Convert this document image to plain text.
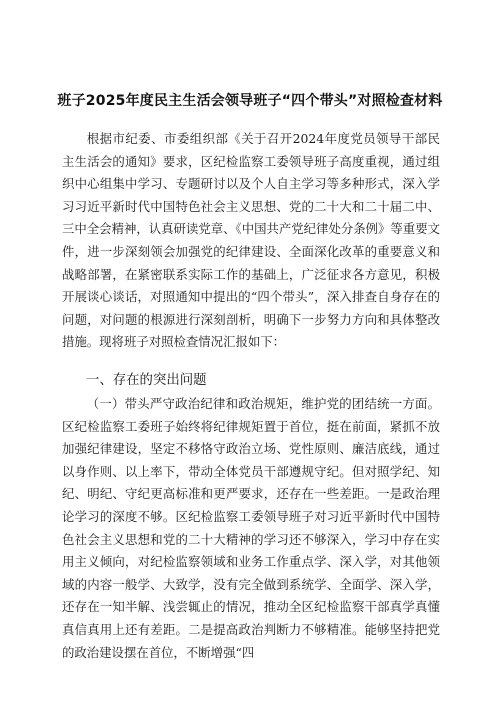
班子2025年度民主生活会领导班子“四个带头”对照检查材料

根据市纪委、市委组织部《关于召开2024年度党员领导干部民主生活会的通知》要求，区纪检监察工委领导班子高度重视，通过组织中心组集中学习、专题研讨以及个人自主学习等多种形式，深入学习习近平新时代中国特色社会主义思想、党的二十大和二十届二中、三中全会精神，认真研读党章、《中国共产党纪律处分条例》等重要文件，进一步深刻领会加强党的纪律建设、全面深化改革的重要意义和战略部署，在紧密联系实际工作的基础上，广泛征求各方意见，积极开展谈心谈话，对照通知中提出的“四个带头”，深入排查自身存在的问题，对问题的根源进行深刻剖析，明确下一步努力方向和具体整改措施。现将班子对照检查情况汇报如下：

一、存在的突出问题

（一）带头严守政治纪律和政治规矩，维护党的团结统一方面。区纪检监察工委班子始终将纪律规矩置于首位，挺在前面，紧抓不放加强纪律建设，坚定不移恪守政治立场、党性原则、廉洁底线，通过以身作则、以上率下，带动全体党员干部遵规守纪。但对照学纪、知纪、明纪、守纪更高标准和更严要求，还存在一些差距。一是政治理论学习的深度不够。区纪检监察工委领导班子对习近平新时代中国特色社会主义思想和党的二十大精神的学习还不够深入，学习中存在实用主义倾向，对纪检监察领域和业务工作重点学、深入学，对其他领域的内容一般学、大致学，没有完全做到系统学、全面学、深入学，还存在一知半解、浅尝辄止的情况，推动全区纪检监察干部真学真懂真信真用上还有差距。二是提高政治判断力不够精准。能够坚持把党的政治建设摆在首位，不断增强“四
